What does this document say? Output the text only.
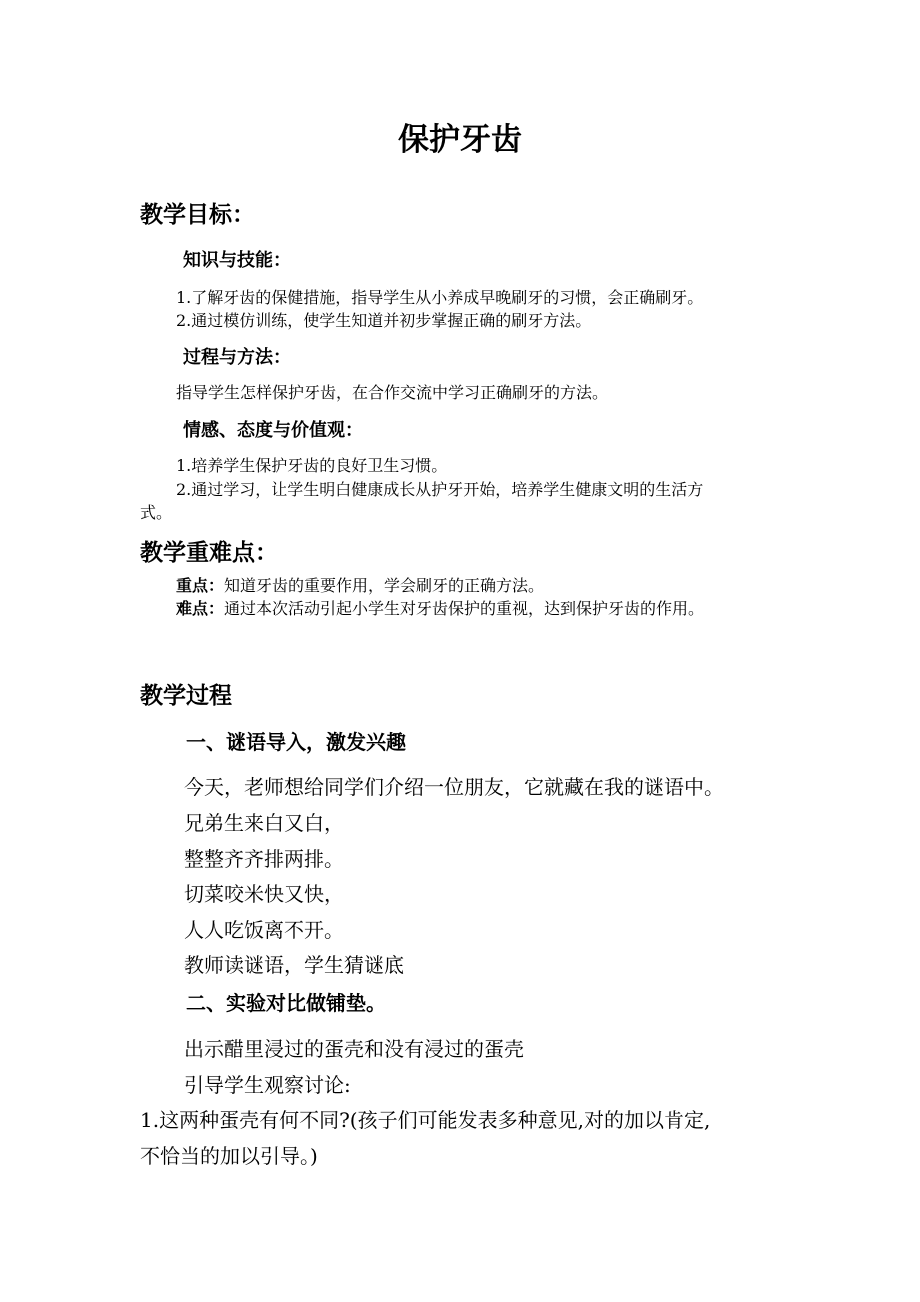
保护牙齿
教学目标：
知识与技能：
1.了解牙齿的保健措施，指导学生从小养成早晚刷牙的习惯，会正确刷牙。
2.通过模仿训练，使学生知道并初步掌握正确的刷牙方法。
过程与方法：
指导学生怎样保护牙齿，在合作交流中学习正确刷牙的方法。
情感、态度与价值观：
1.培养学生保护牙齿的良好卫生习惯。
2.通过学习，让学生明白健康成长从护牙开始，培养学生健康文明的生活方
式。
教学重难点：
重点：知道牙齿的重要作用，学会刷牙的正确方法。
难点：通过本次活动引起小学生对牙齿保护的重视，达到保护牙齿的作用。
教学过程
一、谜语导入，激发兴趣
今天，老师想给同学们介绍一位朋友，它就藏在我的谜语中。
兄弟生来白又白，
整整齐齐排两排。
切菜咬米快又快，
人人吃饭离不开。
教师读谜语，学生猜谜底
二、实验对比做铺垫。
出示醋里浸过的蛋壳和没有浸过的蛋壳
引导学生观察讨论:
1.这两种蛋壳有何不同?(孩子们可能发表多种意见,对的加以肯定,
不恰当的加以引导。)
